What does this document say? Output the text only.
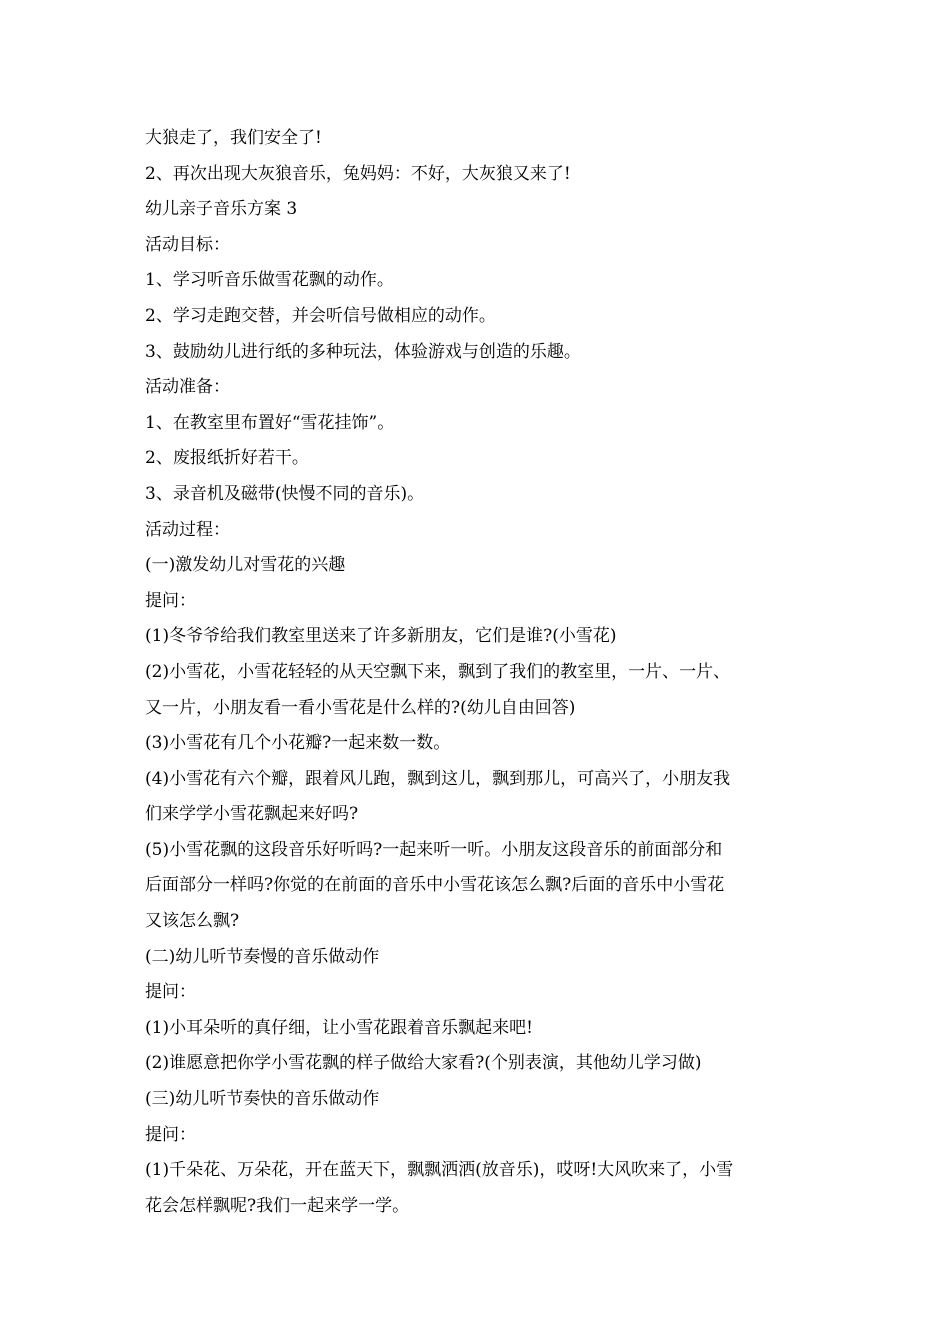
大狼走了，我们安全了!
2、再次出现大灰狼音乐，兔妈妈：不好，大灰狼又来了!
幼儿亲子音乐方案 3
活动目标：
1、学习听音乐做雪花飘的动作。
2、学习走跑交替，并会听信号做相应的动作。
3、鼓励幼儿进行纸的多种玩法，体验游戏与创造的乐趣。
活动准备：
1、在教室里布置好“雪花挂饰”。
2、废报纸折好若干。
3、录音机及磁带(快慢不同的音乐)。
活动过程：
(一)激发幼儿对雪花的兴趣
提问：
(1)冬爷爷给我们教室里送来了许多新朋友，它们是谁?(小雪花)
(2)小雪花，小雪花轻轻的从天空飘下来，飘到了我们的教室里，一片、一片、
又一片，小朋友看一看小雪花是什么样的?(幼儿自由回答)
(3)小雪花有几个小花瓣?一起来数一数。
(4)小雪花有六个瓣，跟着风儿跑，飘到这儿，飘到那儿，可高兴了，小朋友我
们来学学小雪花飘起来好吗?
(5)小雪花飘的这段音乐好听吗?一起来听一听。小朋友这段音乐的前面部分和
后面部分一样吗?你觉的在前面的音乐中小雪花该怎么飘?后面的音乐中小雪花
又该怎么飘?
(二)幼儿听节奏慢的音乐做动作
提问：
(1)小耳朵听的真仔细，让小雪花跟着音乐飘起来吧!
(2)谁愿意把你学小雪花飘的样子做给大家看?(个别表演，其他幼儿学习做)
(三)幼儿听节奏快的音乐做动作
提问：
(1)千朵花、万朵花，开在蓝天下，飘飘洒洒(放音乐)，哎呀!大风吹来了，小雪
花会怎样飘呢?我们一起来学一学。
